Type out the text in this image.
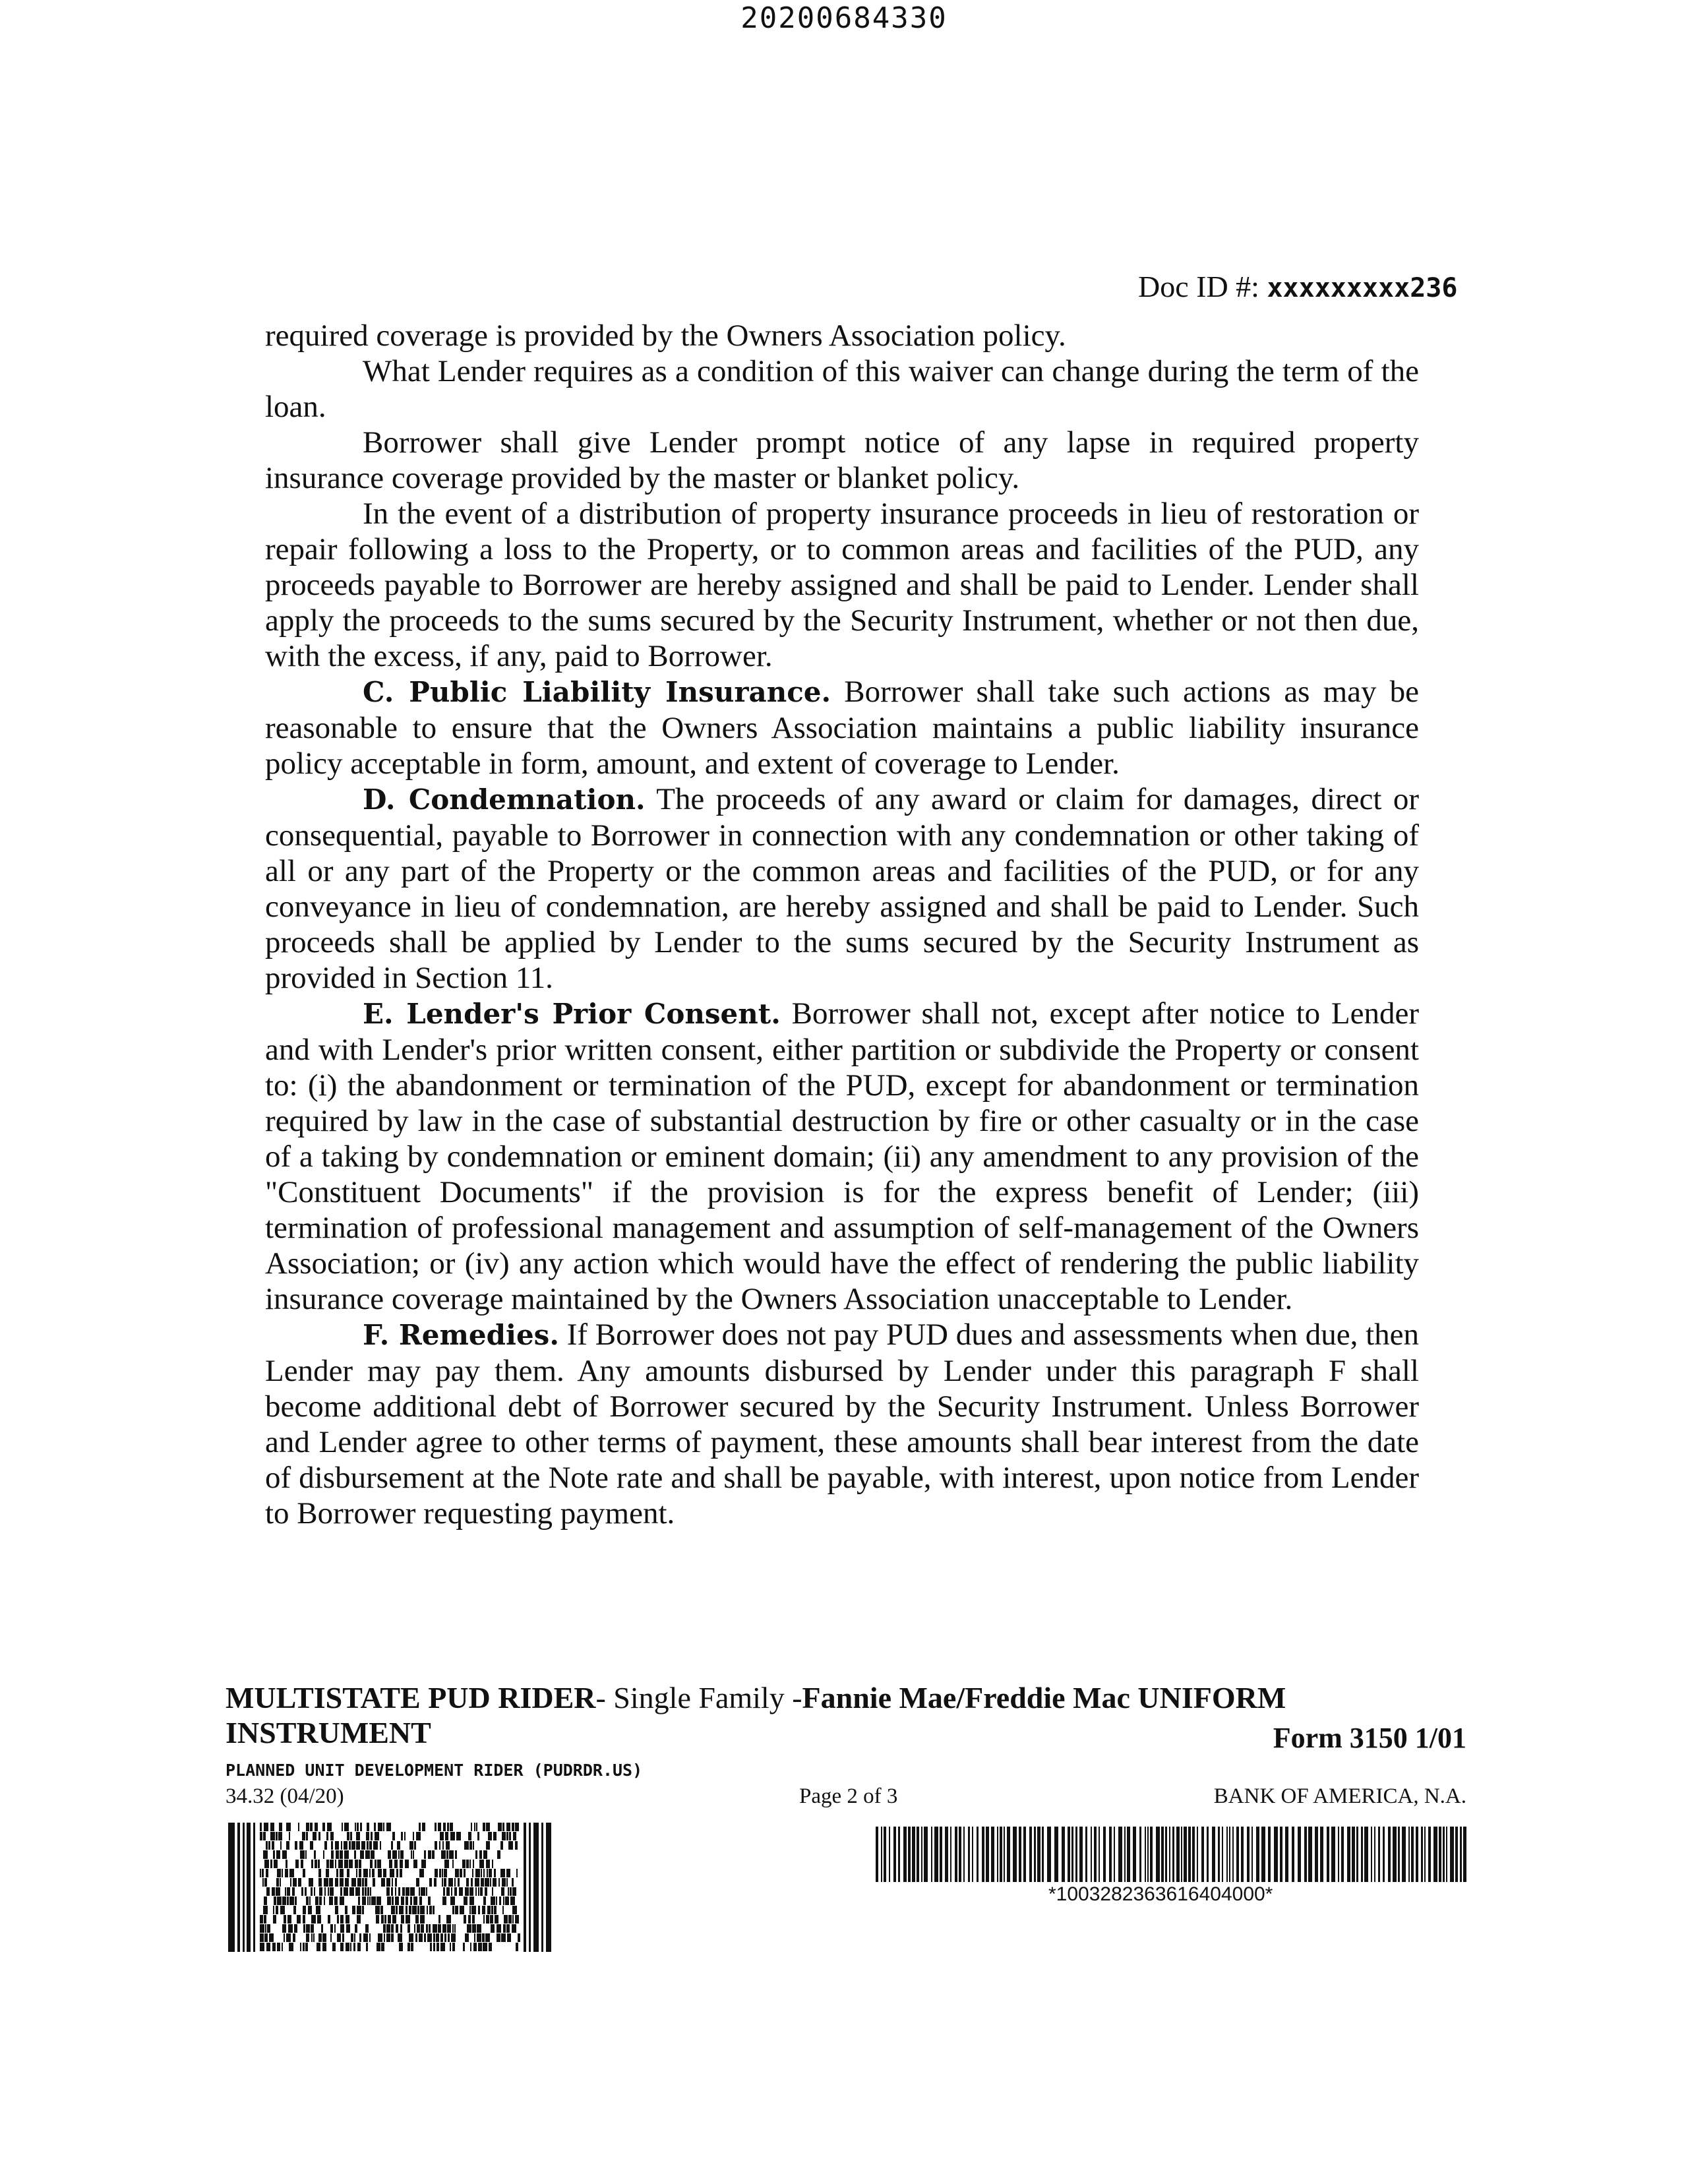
20200684330
Doc ID #: xxxxxxxxx236

required coverage is provided by the Owners Association policy.

What Lender requires as a condition of this waiver can change during the term of the loan.

Borrower shall give Lender prompt notice of any lapse in required property insurance coverage provided by the master or blanket policy.

In the event of a distribution of property insurance proceeds in lieu of restoration or repair following a loss to the Property, or to common areas and facilities of the PUD, any proceeds payable to Borrower are hereby assigned and shall be paid to Lender. Lender shall apply the proceeds to the sums secured by the Security Instrument, whether or not then due, with the excess, if any, paid to Borrower.

C. Public Liability Insurance. Borrower shall take such actions as may be reasonable to ensure that the Owners Association maintains a public liability insurance policy acceptable in form, amount, and extent of coverage to Lender.

D. Condemnation. The proceeds of any award or claim for damages, direct or consequential, payable to Borrower in connection with any condemnation or other taking of all or any part of the Property or the common areas and facilities of the PUD, or for any conveyance in lieu of condemnation, are hereby assigned and shall be paid to Lender. Such proceeds shall be applied by Lender to the sums secured by the Security Instrument as provided in Section 11.

E. Lender's Prior Consent. Borrower shall not, except after notice to Lender and with Lender's prior written consent, either partition or subdivide the Property or consent to: (i) the abandonment or termination of the PUD, except for abandonment or termination required by law in the case of substantial destruction by fire or other casualty or in the case of a taking by condemnation or eminent domain; (ii) any amendment to any provision of the "Constituent Documents" if the provision is for the express benefit of Lender; (iii) termination of professional management and assumption of self-management of the Owners Association; or (iv) any action which would have the effect of rendering the public liability insurance coverage maintained by the Owners Association unacceptable to Lender.

F. Remedies. If Borrower does not pay PUD dues and assessments when due, then Lender may pay them. Any amounts disbursed by Lender under this paragraph F shall become additional debt of Borrower secured by the Security Instrument. Unless Borrower and Lender agree to other terms of payment, these amounts shall bear interest from the date of disbursement at the Note rate and shall be payable, with interest, upon notice from Lender to Borrower requesting payment.

MULTISTATE PUD RIDER- Single Family -Fannie Mae/Freddie Mac UNIFORM INSTRUMENT	Form 3150 1/01
PLANNED UNIT DEVELOPMENT RIDER (PUDRDR.US)
34.32 (04/20)	Page 2 of 3	BANK OF AMERICA, N.A.
*1003282363616404000*
